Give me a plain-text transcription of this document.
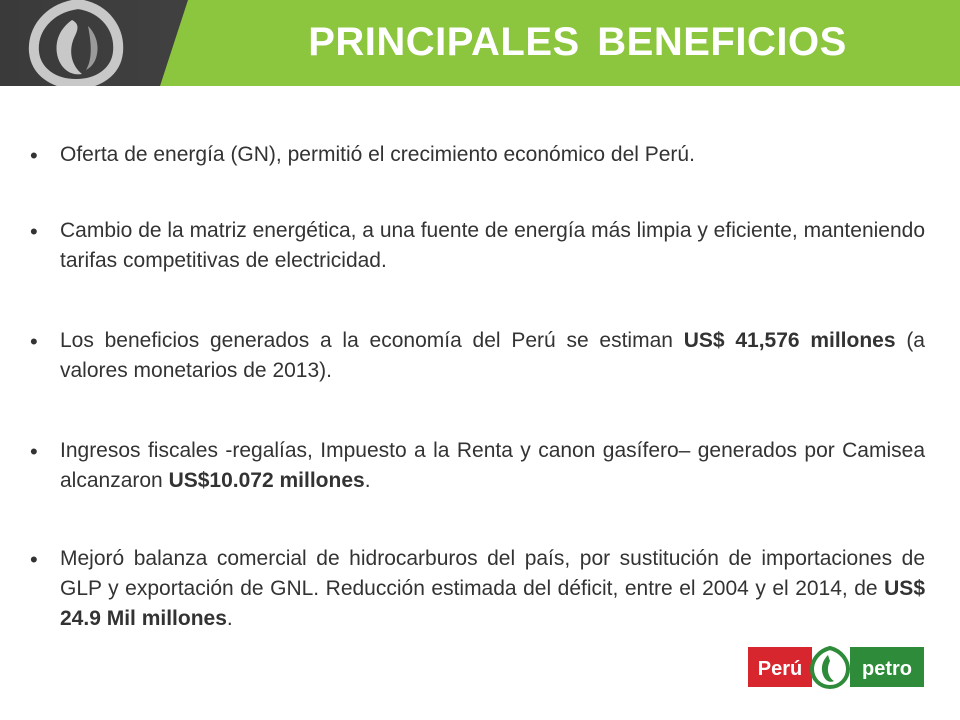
PRINCIPALES BENEFICIOS
• Oferta de energía (GN), permitió el crecimiento económico del Perú.

• Cambio de la matriz energética, a una fuente de energía más limpia y eficiente, manteniendo tarifas competitivas de electricidad.

• Los beneficios generados a la economía del Perú se estiman US$ 41,576 millones (a valores monetarios de 2013).

• Ingresos fiscales -regalías, Impuesto a la Renta y canon gasífero– generados por Camisea alcanzaron US$10.072 millones.

• Mejoró balanza comercial de hidrocarburos del país, por sustitución de importaciones de GLP y exportación de GNL. Reducción estimada del déficit, entre el 2004 y el 2014, de US$ 24.9 Mil millones.

Perú	petro
